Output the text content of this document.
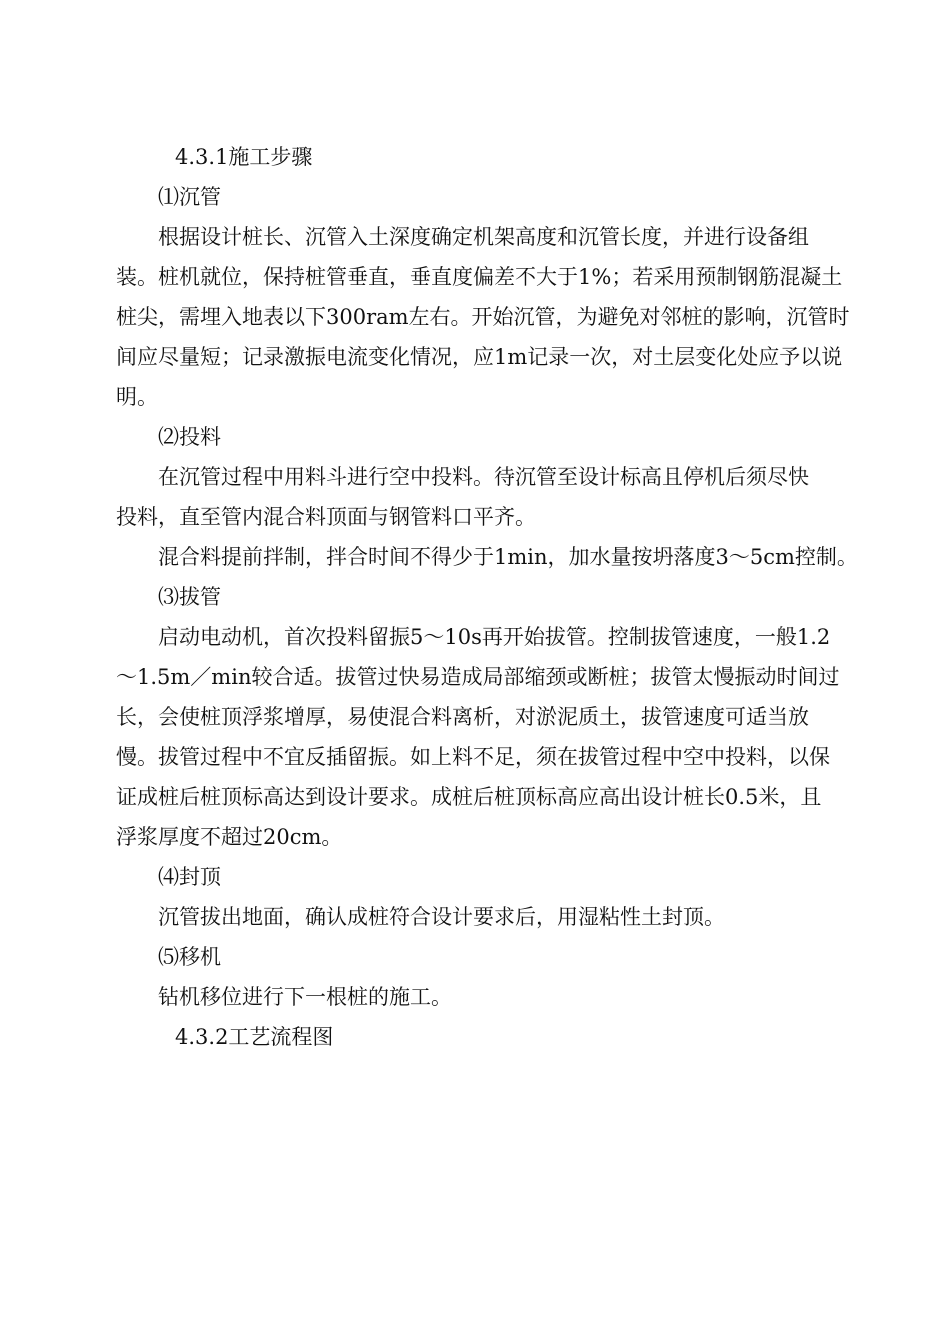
4.3.1施工步骤
⑴沉管
根据设计桩长、沉管入土深度确定机架高度和沉管长度，并进行设备组
装。桩机就位，保持桩管垂直，垂直度偏差不大于1%；若采用预制钢筋混凝土
桩尖，需埋入地表以下300ram左右。开始沉管，为避免对邻桩的影响，沉管时
间应尽量短；记录激振电流变化情况，应1m记录一次，对土层变化处应予以说
明。
⑵投料
在沉管过程中用料斗进行空中投料。待沉管至设计标高且停机后须尽快
投料，直至管内混合料顶面与钢管料口平齐。
混合料提前拌制，拌合时间不得少于1min，加水量按坍落度3～5cm控制。
⑶拔管
启动电动机，首次投料留振5～10s再开始拔管。控制拔管速度，一般1.2
～1.5m／min较合适。拔管过快易造成局部缩颈或断桩；拔管太慢振动时间过
长，会使桩顶浮浆增厚，易使混合料离析，对淤泥质土，拔管速度可适当放
慢。拔管过程中不宜反插留振。如上料不足，须在拔管过程中空中投料，以保
证成桩后桩顶标高达到设计要求。成桩后桩顶标高应高出设计桩长0.5米，且
浮浆厚度不超过20cm。
⑷封顶
沉管拔出地面，确认成桩符合设计要求后，用湿粘性土封顶。
⑸移机
钻机移位进行下一根桩的施工。
4.3.2工艺流程图
